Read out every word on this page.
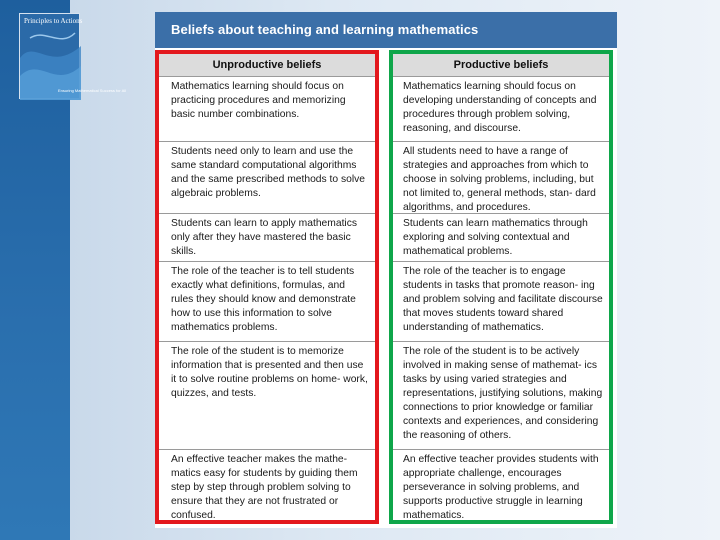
Principles to Actions
Ensuring Mathematical Success for All
Beliefs about teaching and learning mathematics
Unproductive beliefs
Mathematics learning should focus on practicing procedures and memorizing basic number combinations.
Students need only to learn and use the same standard computational algorithms and the same prescribed methods to solve algebraic problems.
Students can learn to apply mathematics only after they have mastered the basic skills.
The role of the teacher is to tell students exactly what definitions, formulas, and rules they should know and demonstrate how to use this information to solve mathematics problems.
The role of the student is to memorize information that is presented and then use it to solve routine problems on home- work, quizzes, and tests.
An effective teacher makes the mathe- matics easy for students by guiding them step by step through problem solving to ensure that they are not frustrated or confused.
Productive beliefs
Mathematics learning should focus on developing understanding of concepts and procedures through problem solving, reasoning, and discourse.
All students need to have a range of strategies and approaches from which to choose in solving problems, including, but not limited to, general methods, stan- dard algorithms, and procedures.
Students can learn mathematics through exploring and solving contextual and mathematical problems.
The role of the teacher is to engage students in tasks that promote reason- ing and problem solving and facilitate discourse that moves students toward shared understanding of mathematics.
The role of the student is to be actively involved in making sense of mathemat- ics tasks by using varied strategies and representations, justifying solutions, making connections to prior knowledge or familiar contexts and experiences, and considering the reasoning of others.
An effective teacher provides students with appropriate challenge, encourages perseverance in solving problems, and supports productive struggle in learning mathematics.
